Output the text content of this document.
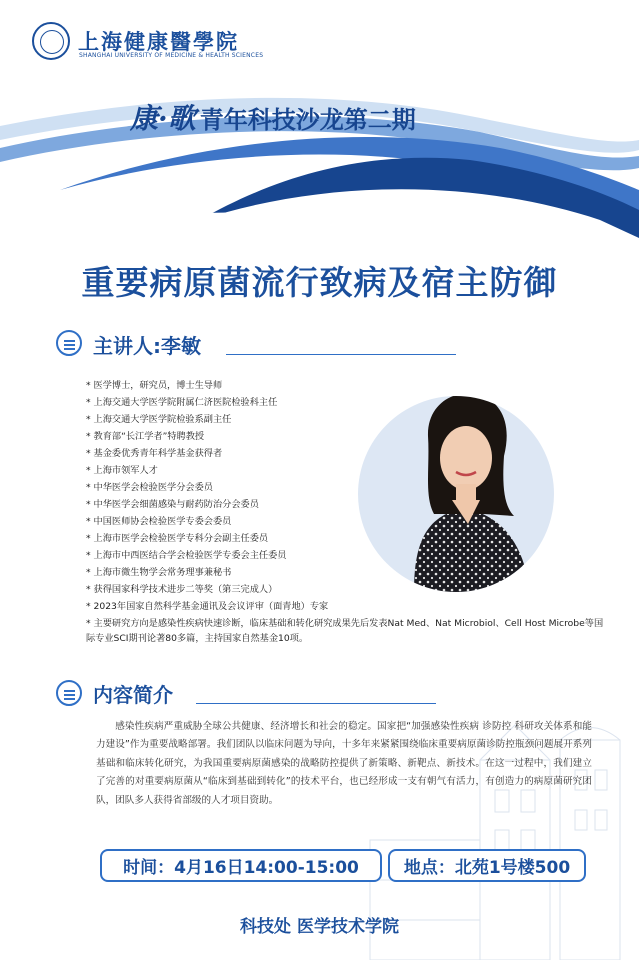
上海健康醫學院
SHANGHAI UNIVERSITY OF MEDICINE & HEALTH SCIENCES
康·歌 青年科技沙龙第二期
重要病原菌流行致病及宿主防御
主讲人:李敏
* 医学博士，研究员，博士生导师
* 上海交通大学医学院附属仁济医院检验科主任
* 上海交通大学医学院检验系副主任
* 教育部“长江学者”特聘教授
* 基金委优秀青年科学基金获得者
* 上海市领军人才
* 中华医学会检验医学分会委员
* 中华医学会细菌感染与耐药防治分会委员
* 中国医师协会检验医学专委会委员
* 上海市医学会检验医学专科分会副主任委员
* 上海市中西医结合学会检验医学专委会主任委员
* 上海市微生物学会常务理事兼秘书
* 获得国家科学技术进步二等奖（第三完成人）
* 2023年国家自然科学基金通讯及会议评审（面青地）专家
* 主要研究方向是感染性疾病快速诊断，临床基础和转化研究成果先后发表Nat Med、Nat Microbiol、Cell Host Microbe等国际专业SCI期刊论著80多篇，主持国家自然基金10项。
内容简介

感染性疾病严重威胁全球公共健康、经济增长和社会的稳定。国家把“加强感染性疾病 诊防控 科研攻关体系和能力建设”作为重要战略部署。我们团队以临床问题为导向，十多年来紧紧围绕临床重要病原菌诊防控瓶颈问题展开系列基础和临床转化研究，为我国重要病原菌感染的战略防控提供了新策略、新靶点、新技术。在这一过程中，我们建立了完善的对重要病原菌从“临床到基础到转化”的技术平台，也已经形成一支有朝气有活力，有创造力的病原菌研究团队，团队多人获得省部级的人才项目资助。

时间：4月16日14:00-15:00	地点：北苑1号楼500
科技处 医学技术学院
